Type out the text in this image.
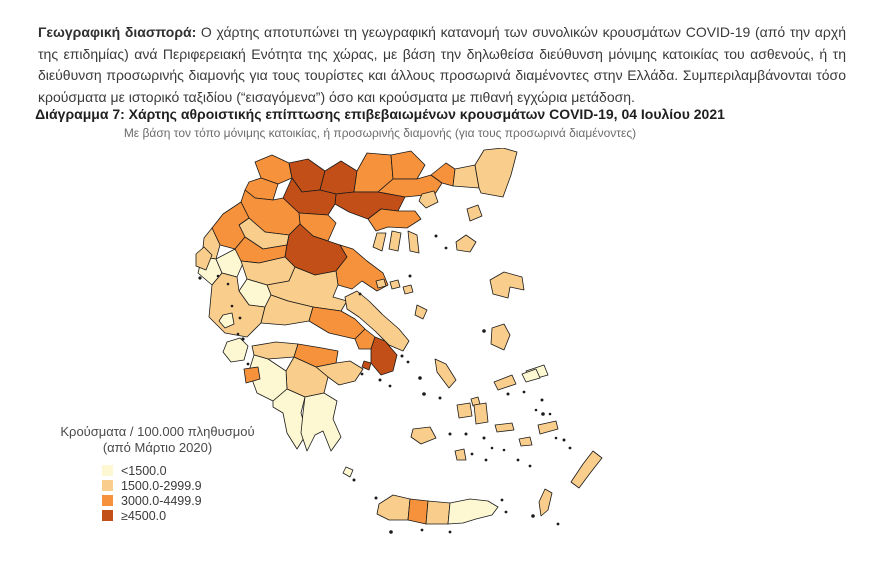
Γεωγραφική διασπορά: Ο χάρτης αποτυπώνει τη γεωγραφική κατανομή των συνολικών κρουσμάτων COVID-19 (από την αρχή της επιδημίας) ανά Περιφερειακή Ενότητα της χώρας, με βάση την δηλωθείσα διεύθυνση μόνιμης κατοικίας του ασθενούς, ή τη διεύθυνση προσωρινής διαμονής για τους τουρίστες και άλλους προσωρινά διαμένοντες στην Ελλάδα. Συμπεριλαμβάνονται τόσο κρούσματα με ιστορικό ταξιδίου (“εισαγόμενα”) όσο και κρούσματα με πιθανή εγχώρια μετάδοση.

Διάγραμμα 7: Χάρτης αθροιστικής επίπτωσης επιβεβαιωμένων κρουσμάτων COVID-19, 04 Ιουλίου 2021
Με βάση τον τόπο μόνιμης κατοικίας, ή προσωρινής διαμονής (για τους προσωρινά διαμένοντες)
Κρούσματα / 100.000 πληθυσμού
(από Μάρτιο 2020)
<1500.0
1500.0-2999.9
3000.0-4499.9
≥4500.0
